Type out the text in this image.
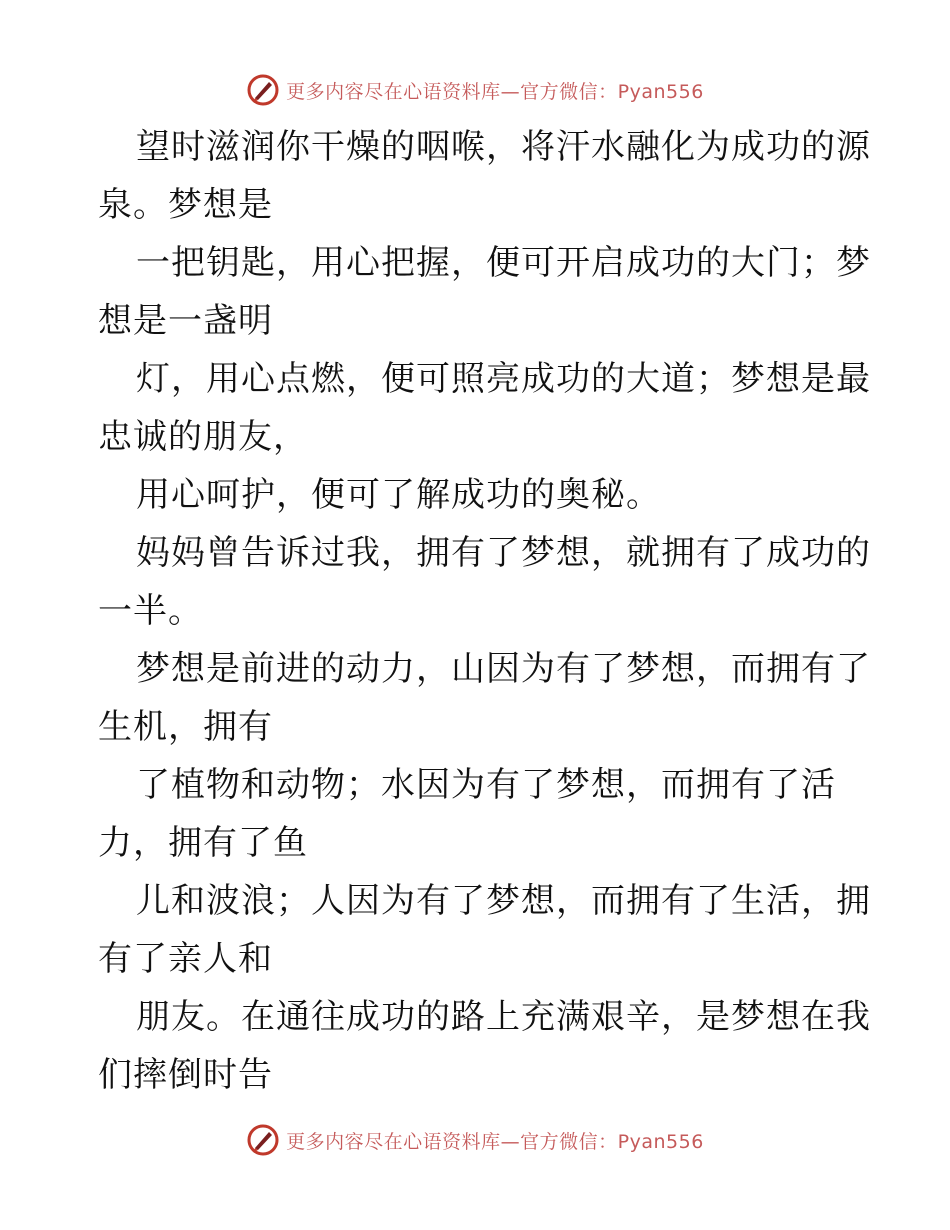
更多内容尽在心语资料库—官方微信：Pyan556
望时滋润你干燥的咽喉，将汗水融化为成功的源
泉。梦想是
一把钥匙，用心把握，便可开启成功的大门；梦
想是一盏明
灯，用心点燃，便可照亮成功的大道；梦想是最
忠诚的朋友，
用心呵护，便可了解成功的奥秘。
妈妈曾告诉过我，拥有了梦想，就拥有了成功的
一半。
梦想是前进的动力，山因为有了梦想，而拥有了
生机，拥有
了植物和动物；水因为有了梦想，而拥有了活
力，拥有了鱼
儿和波浪；人因为有了梦想，而拥有了生活，拥
有了亲人和
朋友。在通往成功的路上充满艰辛，是梦想在我
们摔倒时告
更多内容尽在心语资料库—官方微信：Pyan556
